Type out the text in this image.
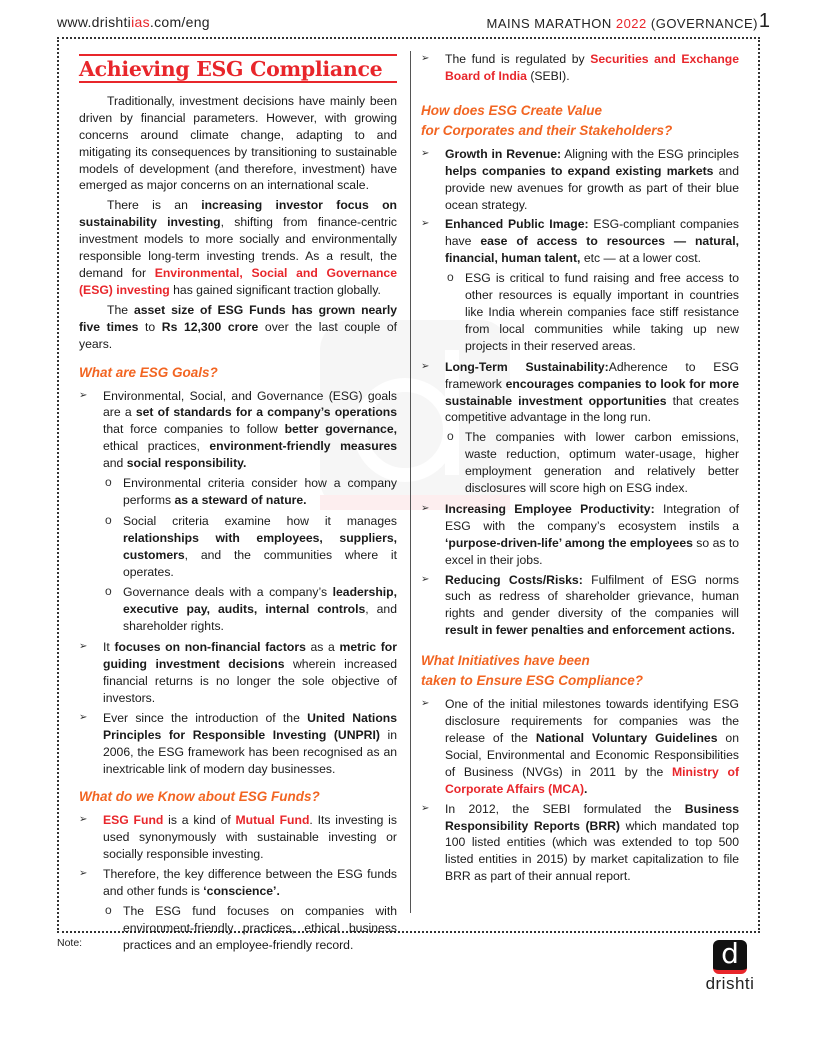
www.drishtiias.com/eng	MAINS MARATHON 2022 (GOVERNANCE) 1
Achieving ESG Compliance

Traditionally, investment decisions have mainly been driven by financial parameters. However, with growing concerns around climate change, adapting to and mitigating its consequences by transitioning to sustainable models of development (and therefore, investment) have emerged as major concerns on an international scale.

There is an increasing investor focus on sustainability investing, shifting from finance-centric investment models to more socially and environmentally responsible long-term investing trends. As a result, the demand for Environmental, Social and Governance (ESG) investing has gained significant traction globally.

The asset size of ESG Funds has grown nearly five times to Rs 12,300 crore over the last couple of years.

What are ESG Goals?
➢ Environmental, Social, and Governance (ESG) goals are a set of standards for a company’s operations that force companies to follow better governance, ethical practices, environment-friendly measures and social responsibility.
o Environmental criteria consider how a company performs as a steward of nature.
o Social criteria examine how it manages relationships with employees, suppliers, customers, and the communities where it operates.
o Governance deals with a company’s leadership, executive pay, audits, internal controls, and shareholder rights.
➢ It focuses on non-financial factors as a metric for guiding investment decisions wherein increased financial returns is no longer the sole objective of investors.
➢ Ever since the introduction of the United Nations Principles for Responsible Investing (UNPRI) in 2006, the ESG framework has been recognised as an inextricable link of modern day businesses.
What do we Know about ESG Funds?
➢ ESG Fund is a kind of Mutual Fund. Its investing is used synonymously with sustainable investing or socially responsible investing.
➢ Therefore, the key difference between the ESG funds and other funds is ‘conscience’.
o The ESG fund focuses on companies with environment-friendly practices, ethical business practices and an employee-friendly record.
➢ The fund is regulated by Securities and Exchange Board of India (SEBI).
How does ESG Create Value
for Corporates and their Stakeholders?
➢ Growth in Revenue: Aligning with the ESG principles helps companies to expand existing markets and provide new avenues for growth as part of their blue ocean strategy.
➢ Enhanced Public Image: ESG-compliant companies have ease of access to resources — natural, financial, human talent, etc — at a lower cost.
o ESG is critical to fund raising and free access to other resources is equally important in countries like India wherein companies face stiff resistance from local communities while taking up new projects in their reserved areas.
➢ Long-Term Sustainability:Adherence to ESG framework encourages companies to look for more sustainable investment opportunities that creates competitive advantage in the long run.
o The companies with lower carbon emissions, waste reduction, optimum water-usage, higher employment generation and relatively better disclosures will score high on ESG index.
➢ Increasing Employee Productivity: Integration of ESG with the company’s ecosystem instils a ‘purpose-driven-life’ among the employees so as to excel in their jobs.
➢ Reducing Costs/Risks: Fulfilment of ESG norms such as redress of shareholder grievance, human rights and gender diversity of the companies will result in fewer penalties and enforcement actions.
What Initiatives have been
taken to Ensure ESG Compliance?
➢ One of the initial milestones towards identifying ESG disclosure requirements for companies was the release of the National Voluntary Guidelines on Social, Environmental and Economic Responsibilities of Business (NVGs) in 2011 by the Ministry of Corporate Affairs (MCA).
➢ In 2012, the SEBI formulated the Business Responsibility Reports (BRR) which mandated top 100 listed entities (which was extended to top 500 listed entities in 2015) by market capitalization to file BRR as part of their annual report.
Note:	d
drishti
